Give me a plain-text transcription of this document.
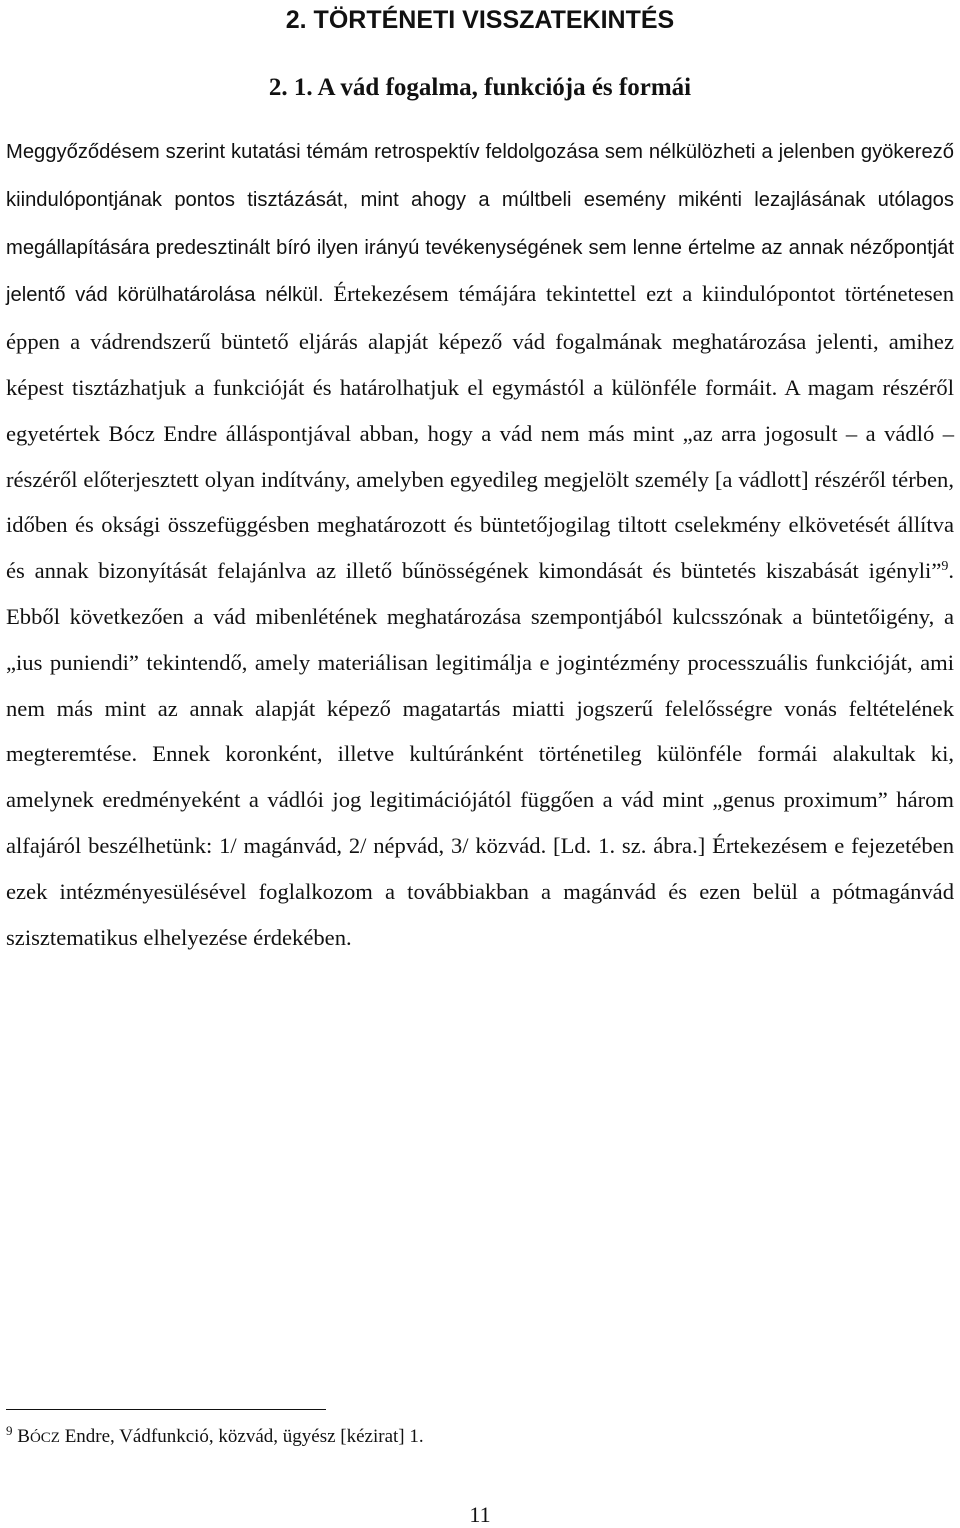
2. TÖRTÉNETI VISSZATEKINTÉS
2. 1. A vád fogalma, funkciója és formái

Meggyőződésem szerint kutatási témám retrospektív feldolgozása sem nélkülözheti a jelenben gyökerező kiindulópontjának pontos tisztázását, mint ahogy a múltbeli esemény mikénti lezajlásának utólagos megállapítására predesztinált bíró ilyen irányú tevékenységének sem lenne értelme az annak nézőpontját jelentő vád körülhatárolása nélkül. Értekezésem témájára tekintettel ezt a kiindulópontot történetesen éppen a vádrendszerű büntető eljárás alapját képező vád fogalmának meghatározása jelenti, amihez képest tisztázhatjuk a funkcióját és határolhatjuk el egymástól a különféle formáit. A magam részéről egyetértek Bócz Endre álláspontjával abban, hogy a vád nem más mint „az arra jogosult – a vádló – részéről előterjesztett olyan indítvány, amelyben egyedileg megjelölt személy [a vádlott] részéről térben, időben és oksági összefüggésben meghatározott és büntetőjogilag tiltott cselekmény elkövetését állítva és annak bizonyítását felajánlva az illető bűnösségének kimondását és büntetés kiszabását igényli”$^9$. Ebből következően a vád mibenlétének meghatározása szempontjából kulcsszónak a büntetőigény, a „ius puniendi” tekintendő, amely materiálisan legitimálja e jogintézmény processzuális funkcióját, ami nem más mint az annak alapját képező magatartás miatti jogszerű felelősségre vonás feltételének megteremtése. Ennek koronként, illetve kultúránként történetileg különféle formái alakultak ki, amelynek eredményeként a vádlói jog legitimációjától függően a vád mint „genus proximum” három alfajáról beszélhetünk: 1/ magánvád, 2/ népvád, 3/ közvád. [Ld. 1. sz. ábra.] Értekezésem e fejezetében ezek intézményesülésével foglalkozom a továbbiakban a magánvád és ezen belül a pótmagánvád szisztematikus elhelyezése érdekében.

$^9$ BÓCZ Endre, Vádfunkció, közvád, ügyész [kézirat] 1.

11
